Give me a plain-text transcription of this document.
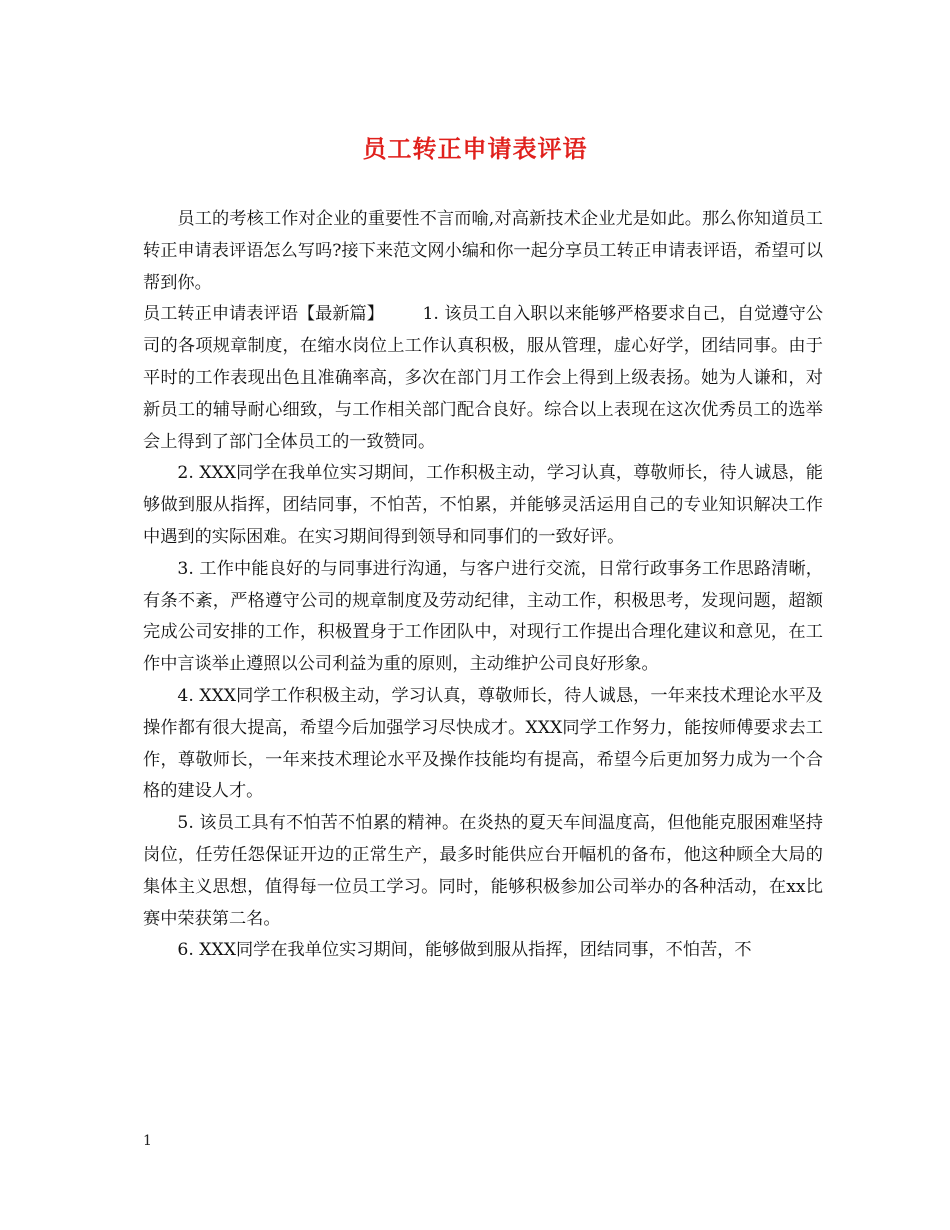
员工转正申请表评语

员工的考核工作对企业的重要性不言而喻,对高新技术企业尤是如此。那么你知道员工转正申请表评语怎么写吗?接下来范文网小编和你一起分享员工转正申请表评语，希望可以帮到你。

员工转正申请表评语【最新篇】 1. 该员工自入职以来能够严格要求自己，自觉遵守公司的各项规章制度，在缩水岗位上工作认真积极，服从管理，虚心好学，团结同事。由于平时的工作表现出色且准确率高，多次在部门月工作会上得到上级表扬。她为人谦和，对新员工的辅导耐心细致，与工作相关部门配合良好。综合以上表现在这次优秀员工的选举会上得到了部门全体员工的一致赞同。

2. XXX同学在我单位实习期间，工作积极主动，学习认真，尊敬师长，待人诚恳，能够做到服从指挥，团结同事，不怕苦，不怕累，并能够灵活运用自己的专业知识解决工作中遇到的实际困难。在实习期间得到领导和同事们的一致好评。

3. 工作中能良好的与同事进行沟通，与客户进行交流，日常行政事务工作思路清晰，有条不紊，严格遵守公司的规章制度及劳动纪律，主动工作，积极思考，发现问题，超额完成公司安排的工作，积极置身于工作团队中，对现行工作提出合理化建议和意见，在工作中言谈举止遵照以公司利益为重的原则，主动维护公司良好形象。

4. XXX同学工作积极主动，学习认真，尊敬师长，待人诚恳，一年来技术理论水平及操作都有很大提高，希望今后加强学习尽快成才。XXX同学工作努力，能按师傅要求去工作，尊敬师长，一年来技术理论水平及操作技能均有提高，希望今后更加努力成为一个合格的建设人才。

5. 该员工具有不怕苦不怕累的精神。在炎热的夏天车间温度高，但他能克服困难坚持岗位，任劳任怨保证开边的正常生产，最多时能供应台开幅机的备布，他这种顾全大局的集体主义思想，值得每一位员工学习。同时，能够积极参加公司举办的各种活动，在xx比赛中荣获第二名。

6. XXX同学在我单位实习期间，能够做到服从指挥，团结同事，不怕苦，不

1
